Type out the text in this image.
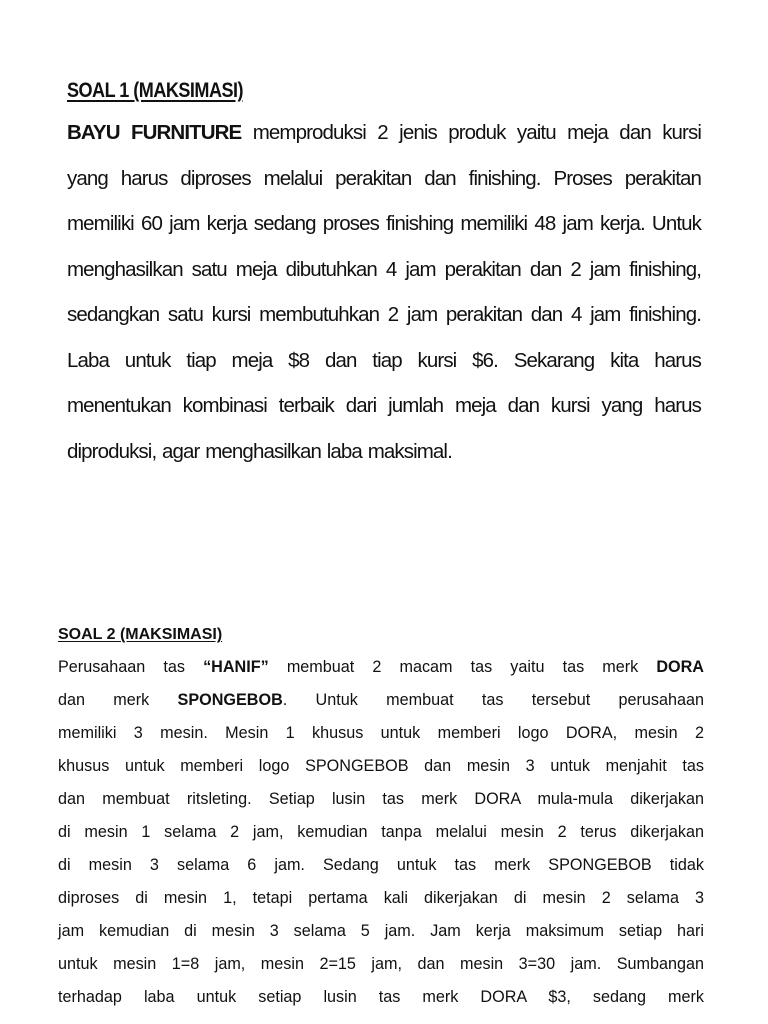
SOAL 1 (MAKSIMASI)
BAYU FURNITURE memproduksi 2 jenis produk yaitu meja dan kursi
yang harus diproses melalui perakitan dan finishing. Proses perakitan
memiliki 60 jam kerja sedang proses finishing memiliki 48 jam kerja. Untuk
menghasilkan satu meja dibutuhkan 4 jam perakitan dan 2 jam finishing,
sedangkan satu kursi membutuhkan 2 jam perakitan dan 4 jam finishing.
Laba untuk tiap meja $8 dan tiap kursi $6. Sekarang kita harus
menentukan kombinasi terbaik dari jumlah meja dan kursi yang harus
diproduksi, agar menghasilkan laba maksimal.
SOAL 2 (MAKSIMASI)
Perusahaan tas “HANIF” membuat 2 macam tas yaitu tas merk DORA
dan merk SPONGEBOB. Untuk membuat tas tersebut perusahaan
memiliki 3 mesin. Mesin 1 khusus untuk memberi logo DORA, mesin 2
khusus untuk memberi logo SPONGEBOB dan mesin 3 untuk menjahit tas
dan membuat ritsleting. Setiap lusin tas merk DORA mula-mula dikerjakan
di mesin 1 selama 2 jam, kemudian tanpa melalui mesin 2 terus dikerjakan
di mesin 3 selama 6 jam. Sedang untuk tas merk SPONGEBOB tidak
diproses di mesin 1, tetapi pertama kali dikerjakan di mesin 2 selama 3
jam kemudian di mesin 3 selama 5 jam. Jam kerja maksimum setiap hari
untuk mesin 1=8 jam, mesin 2=15 jam, dan mesin 3=30 jam. Sumbangan
terhadap laba untuk setiap lusin tas merk DORA $3, sedang merk
